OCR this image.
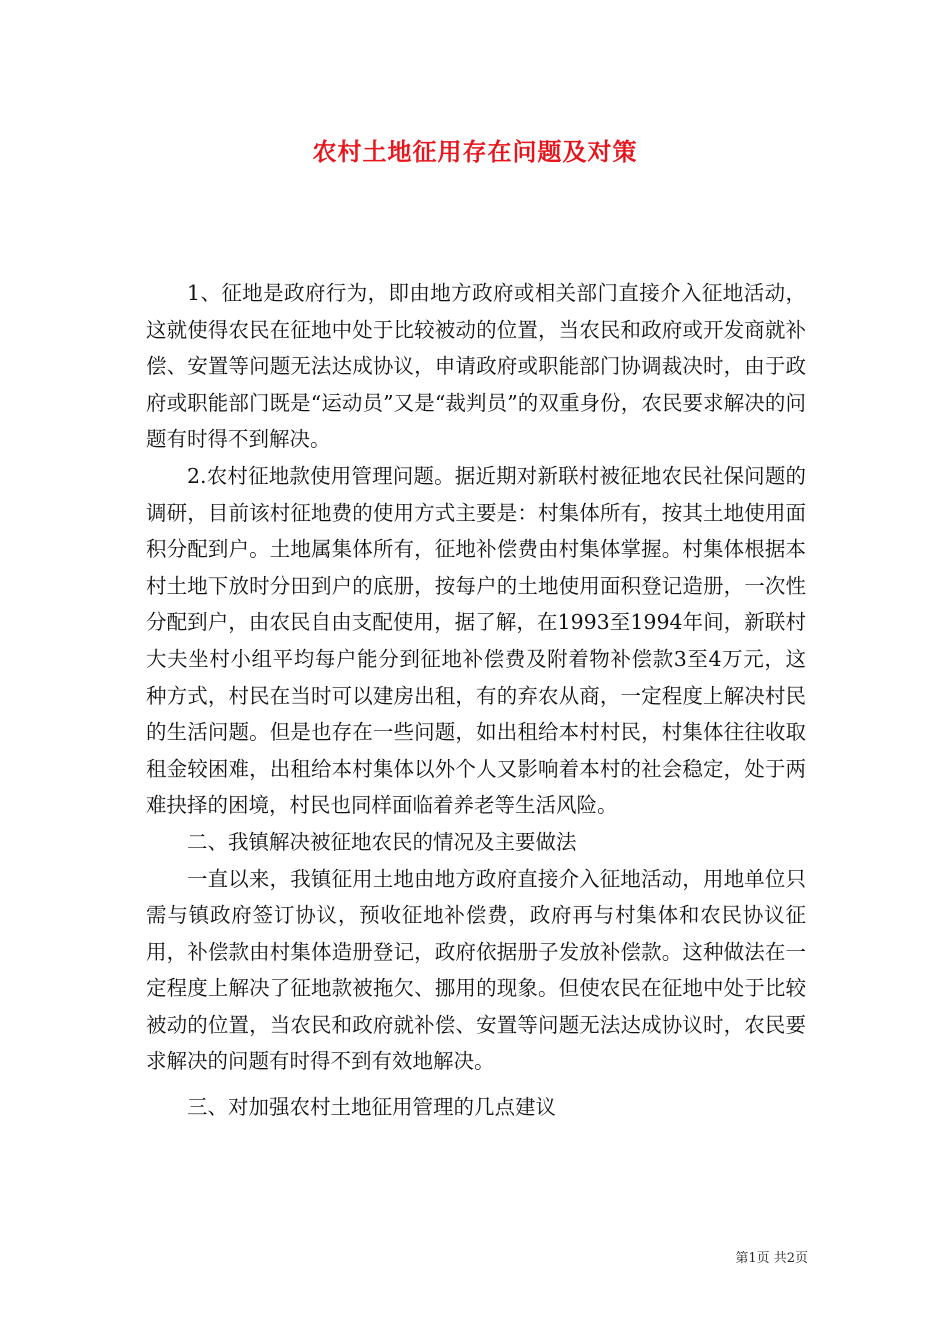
农村土地征用存在问题及对策

1、征地是政府行为，即由地方政府或相关部门直接介入征地活动，这就使得农民在征地中处于比较被动的位置，当农民和政府或开发商就补偿、安置等问题无法达成协议，申请政府或职能部门协调裁决时，由于政府或职能部门既是“运动员”又是“裁判员”的双重身份，农民要求解决的问题有时得不到解决。

2.农村征地款使用管理问题。据近期对新联村被征地农民社保问题的调研，目前该村征地费的使用方式主要是：村集体所有，按其土地使用面积分配到户。土地属集体所有，征地补偿费由村集体掌握。村集体根据本村土地下放时分田到户的底册，按每户的土地使用面积登记造册，一次性分配到户，由农民自由支配使用，据了解，在1993至1994年间，新联村大夫坐村小组平均每户能分到征地补偿费及附着物补偿款3至4万元，这种方式，村民在当时可以建房出租，有的弃农从商，一定程度上解决村民的生活问题。但是也存在一些问题，如出租给本村村民，村集体往往收取租金较困难，出租给本村集体以外个人又影响着本村的社会稳定，处于两难抉择的困境，村民也同样面临着养老等生活风险。

二、我镇解决被征地农民的情况及主要做法

一直以来，我镇征用土地由地方政府直接介入征地活动，用地单位只需与镇政府签订协议，预收征地补偿费，政府再与村集体和农民协议征用，补偿款由村集体造册登记，政府依据册子发放补偿款。这种做法在一定程度上解决了征地款被拖欠、挪用的现象。但使农民在征地中处于比较被动的位置，当农民和政府就补偿、安置等问题无法达成协议时，农民要求解决的问题有时得不到有效地解决。

三、对加强农村土地征用管理的几点建议

第1页 共2页
